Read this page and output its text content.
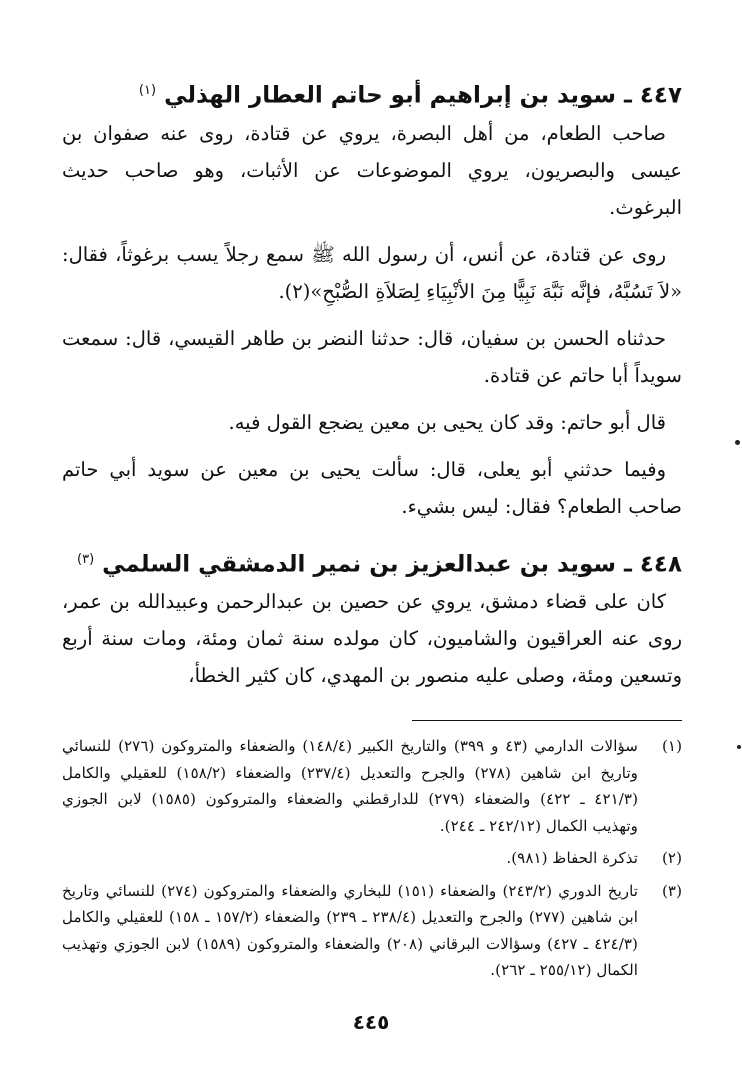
٤٤٧ ـ سويد بن إبراهيم أبو حاتم العطار الهذلي $^{(١)}$

صاحب الطعام، من أهل البصرة، يروي عن قتادة، روى عنه صفوان بن عيسى والبصريون، يروي الموضوعات عن الأثبات، وهو صاحب حديث البرغوث.

روى عن قتادة، عن أنس، أن رسول الله ﷺ سمع رجلاً يسب برغوثاً، فقال: «لاَ تَسُبَّهُ، فإنَّه نَبَّهَ نَبِيًّا مِنَ الأنْبِيَاءِ لِصَلاَةِ الصُّبْحِ»(٢).

حدثناه الحسن بن سفيان، قال: حدثنا النضر بن طاهر القيسي، قال: سمعت سويداً أبا حاتم عن قتادة.

قال أبو حاتم: وقد كان يحيى بن معين يضجع القول فيه.

وفيما حدثني أبو يعلى، قال: سألت يحيى بن معين عن سويد أبي حاتم صاحب الطعام؟ فقال: ليس بشيء.

٤٤٨ ـ سويد بن عبدالعزيز بن نمير الدمشقي السلمي $^{(٣)}$

كان على قضاء دمشق، يروي عن حصين بن عبدالرحمن وعبيدالله بن عمر، روى عنه العراقيون والشاميون، كان مولده سنة ثمان ومئة، ومات سنة أربع وتسعين ومئة، وصلى عليه منصور بن المهدي، كان كثير الخطأ،

(١)
سؤالات الدارمي (٤٣ و ٣٩٩) والتاريخ الكبير (١٤٨/٤) والضعفاء والمتروكون (٢٧٦) للنسائي وتاريخ ابن شاهين (٢٧٨) والجرح والتعديل (٢٣٧/٤) والضعفاء (١٥٨/٢) للعقيلي والكامل (٤٢١/٣ ـ ٤٢٢) والضعفاء (٢٧٩) للدارقطني والضعفاء والمتروكون (١٥٨٥) لابن الجوزي وتهذيب الكمال (٢٤٢/١٢ ـ ٢٤٤).
(٢)
تذكرة الحفاظ (٩٨١).
(٣)
تاريخ الدوري (٢٤٣/٢) والضعفاء (١٥١) للبخاري والضعفاء والمتروكون (٢٧٤) للنسائي وتاريخ ابن شاهين (٢٧٧) والجرح والتعديل (٢٣٨/٤ ـ ٢٣٩) والضعفاء (١٥٧/٢ ـ ١٥٨) للعقيلي والكامل (٤٢٤/٣ ـ ٤٢٧) وسؤالات البرقاني (٢٠٨) والضعفاء والمتروكون (١٥٨٩) لابن الجوزي وتهذيب الكمال (٢٥٥/١٢ ـ ٢٦٢).
٤٤٥
